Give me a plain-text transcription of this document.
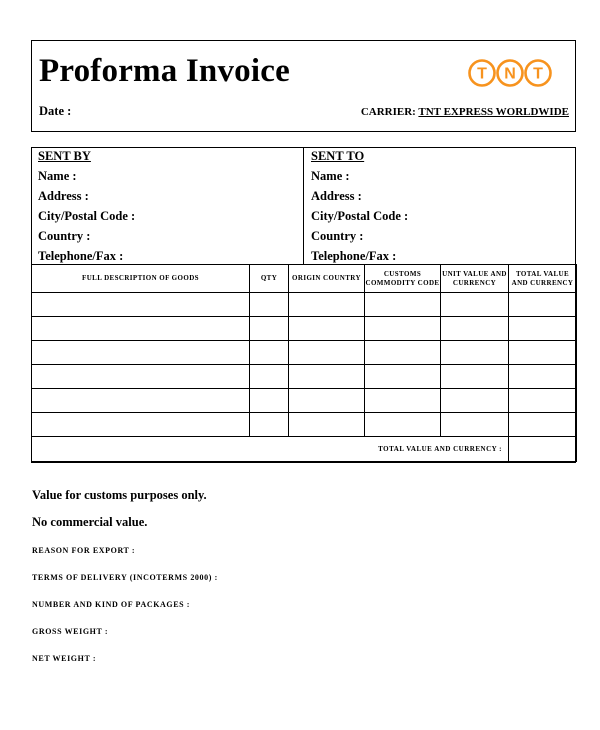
Proforma Invoice
Date :	CARRIER: TNT EXPRESS WORLDWIDE
T N T
SENT BY
Name :
Address :
City/Postal Code :
Country :
Telephone/Fax :
SENT TO
Name :
Address :
City/Postal Code :
Country :
Telephone/Fax :
FULL DESCRIPTION OF GOODS	QTY	ORIGIN COUNTRY	CUSTOMS COMMODITY CODE	UNIT VALUE AND CURRENCY	TOTAL VALUE AND CURRENCY

TOTAL VALUE AND CURRENCY :					
Value for customs purposes only.
No commercial value.
REASON FOR EXPORT :
TERMS OF DELIVERY (INCOTERMS 2000) :
NUMBER AND KIND OF PACKAGES :
GROSS WEIGHT :
NET WEIGHT :
